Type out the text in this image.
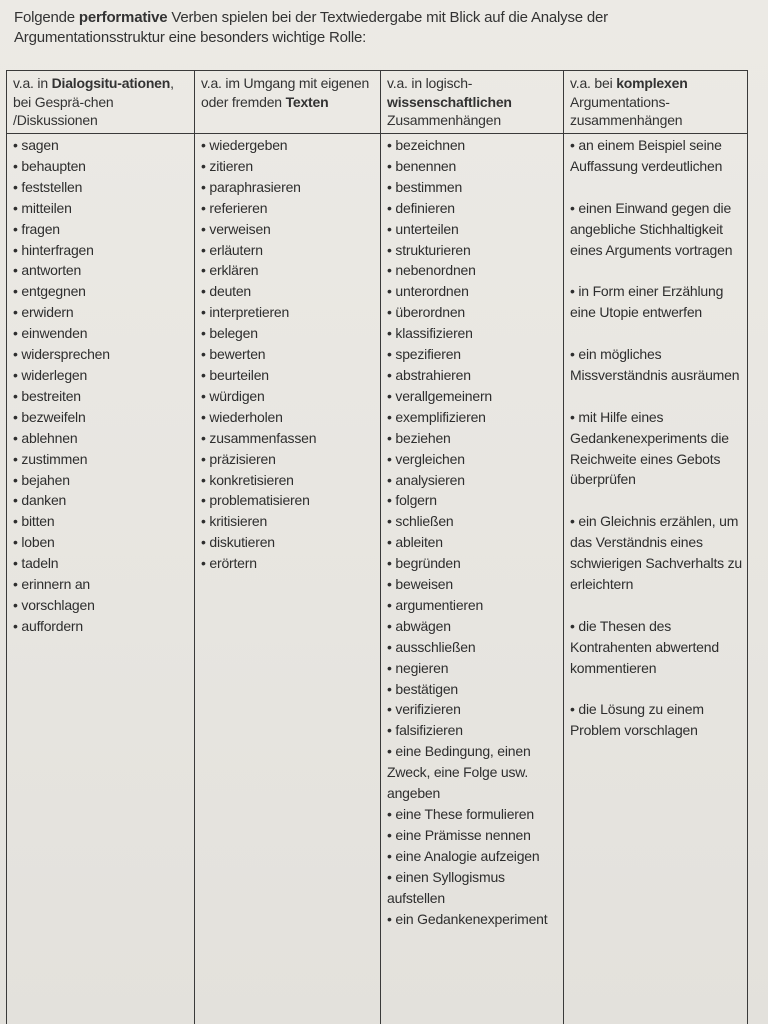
Folgende performative Verben spielen bei der Textwiedergabe mit Blick auf die Analyse der Argumentationsstruktur eine besonders wichtige Rolle:

v.a. in Dialogsitu-ationen, bei Gesprä-chen /Diskussionen
• sagen
• behaupten
• feststellen
• mitteilen
• fragen
• hinterfragen
• antworten
• entgegnen
• erwidern
• einwenden
• widersprechen
• widerlegen
• bestreiten
• bezweifeln
• ablehnen
• zustimmen
• bejahen
• danken
• bitten
• loben
• tadeln
• erinnern an
• vorschlagen
• auffordern
v.a. im Umgang mit eigenen oder fremden Texten
• wiedergeben
• zitieren
• paraphrasieren
• referieren
• verweisen
• erläutern
• erklären
• deuten
• interpretieren
• belegen
• bewerten
• beurteilen
• würdigen
• wiederholen
• zusammenfassen
• präzisieren
• konkretisieren
• problematisieren
• kritisieren
• diskutieren
• erörtern
v.a. in logisch-wissenschaftlichen Zusammenhängen
• bezeichnen
• benennen
• bestimmen
• definieren
• unterteilen
• strukturieren
• nebenordnen
• unterordnen
• überordnen
• klassifizieren
• spezifieren
• abstrahieren
• verallgemeinern
• exemplifizieren
• beziehen
• vergleichen
• analysieren
• folgern
• schließen
• ableiten
• begründen
• beweisen
• argumentieren
• abwägen
• ausschließen
• negieren
• bestätigen
• verifizieren
• falsifizieren
• eine Bedingung, einen Zweck, eine Folge usw. angeben
• eine These formulieren
• eine Prämisse nennen
• eine Analogie aufzeigen
• einen Syllogismus aufstellen
• ein Gedankenexperiment
v.a. bei komplexen Argumentations-zusammenhängen
• an einem Beispiel seine Auffassung verdeutlichen
• einen Einwand gegen die angebliche Stichhaltigkeit eines Arguments vortragen
• in Form einer Erzählung eine Utopie entwerfen
• ein mögliches Missverständnis ausräumen
• mit Hilfe eines Gedankenexperiments die Reichweite eines Gebots überprüfen
• ein Gleichnis erzählen, um das Verständnis eines schwierigen Sachverhalts zu erleichtern
• die Thesen des Kontrahenten abwertend kommentieren
• die Lösung zu einem Problem vorschlagen
